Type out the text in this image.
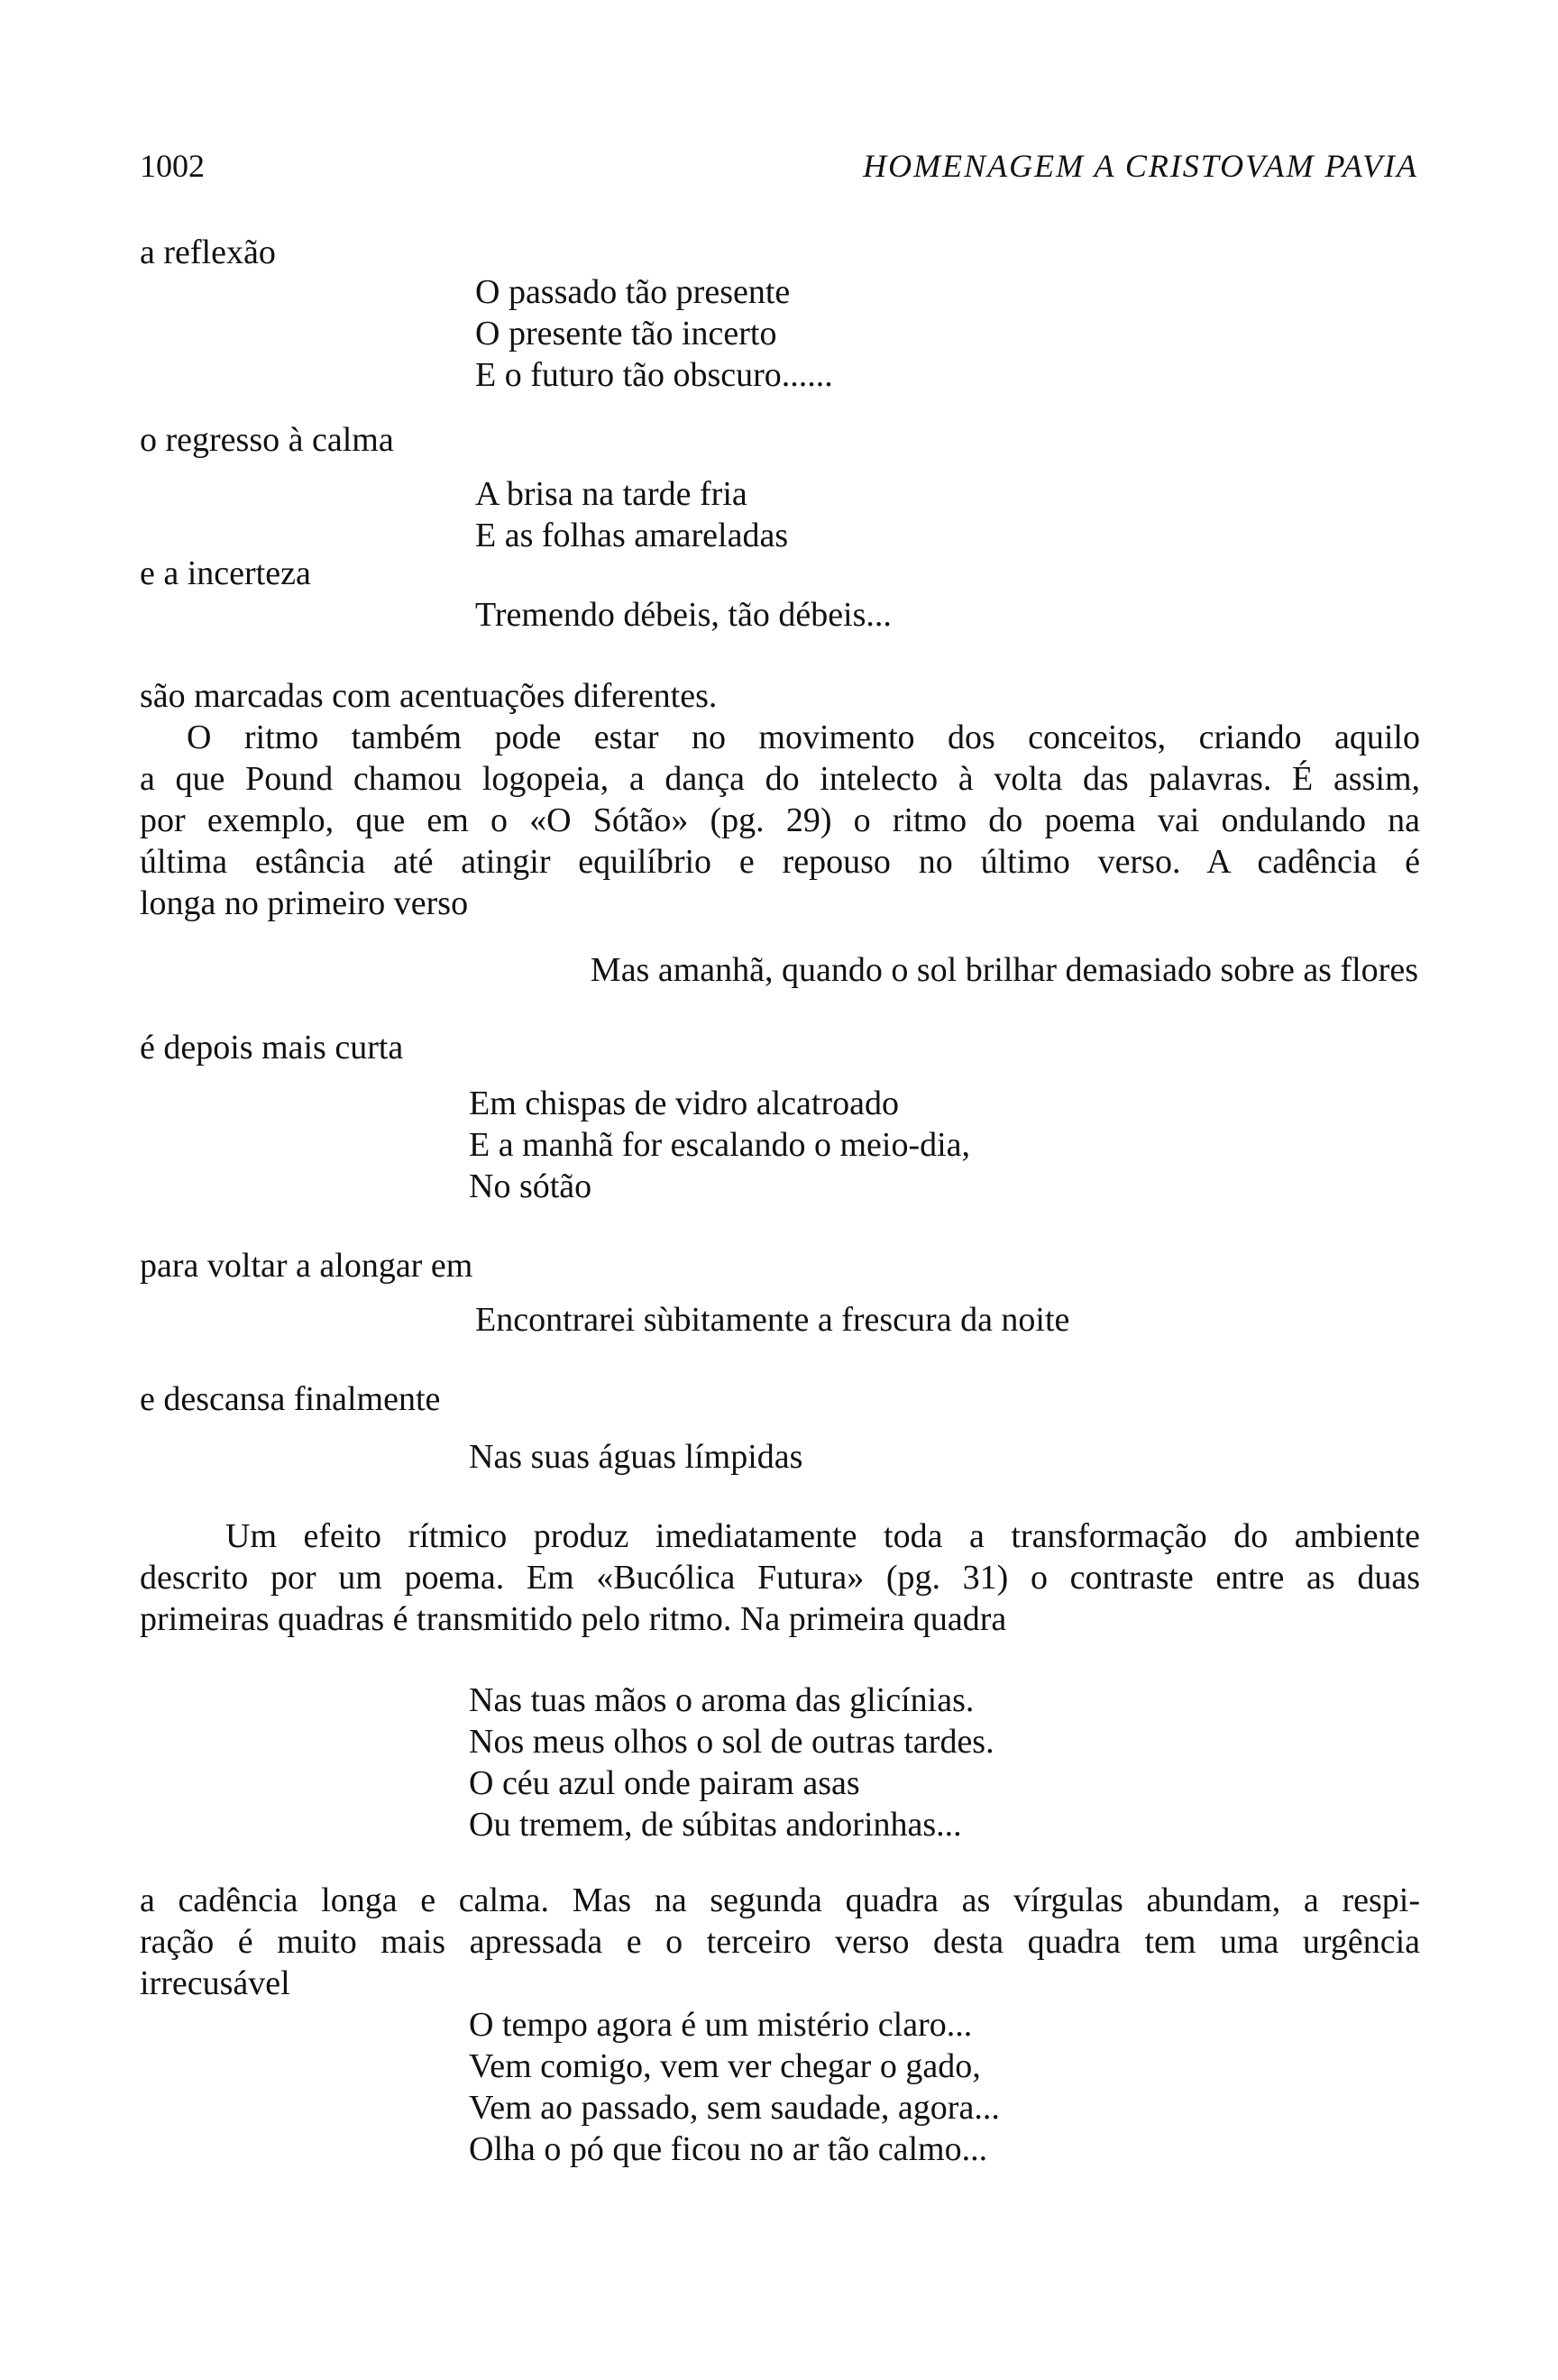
1002	HOMENAGEM A CRISTOVAM PAVIA
a reflexão
O passado tão presente
O presente tão incerto
E o futuro tão obscuro......
o regresso à calma
A brisa na tarde fria
E as folhas amareladas
e a incerteza
Tremendo débeis, tão débeis...
são marcadas com acentuações diferentes.
O ritmo também pode estar no movimento dos conceitos, criando aquilo
a que Pound chamou logopeia, a dança do intelecto à volta das palavras. É assim,
por exemplo, que em o «O Sótão» (pg. 29) o ritmo do poema vai ondulando na
última estância até atingir equilíbrio e repouso no último verso. A cadência é
longa no primeiro verso
Mas amanhã, quando o sol brilhar demasiado sobre as flores
é depois mais curta
Em chispas de vidro alcatroado
E a manhã for escalando o meio-dia,
No sótão
para voltar a alongar em
Encontrarei sùbitamente a frescura da noite
e descansa finalmente
Nas suas águas límpidas
Um efeito rítmico produz imediatamente toda a transformação do ambiente
descrito por um poema. Em «Bucólica Futura» (pg. 31) o contraste entre as duas
primeiras quadras é transmitido pelo ritmo. Na primeira quadra
Nas tuas mãos o aroma das glicínias.
Nos meus olhos o sol de outras tardes.
O céu azul onde pairam asas
Ou tremem, de súbitas andorinhas...
a cadência longa e calma. Mas na segunda quadra as vírgulas abundam, a respi-
ração é muito mais apressada e o terceiro verso desta quadra tem uma urgência
irrecusável
O tempo agora é um mistério claro...
Vem comigo, vem ver chegar o gado,
Vem ao passado, sem saudade, agora...
Olha o pó que ficou no ar tão calmo...
